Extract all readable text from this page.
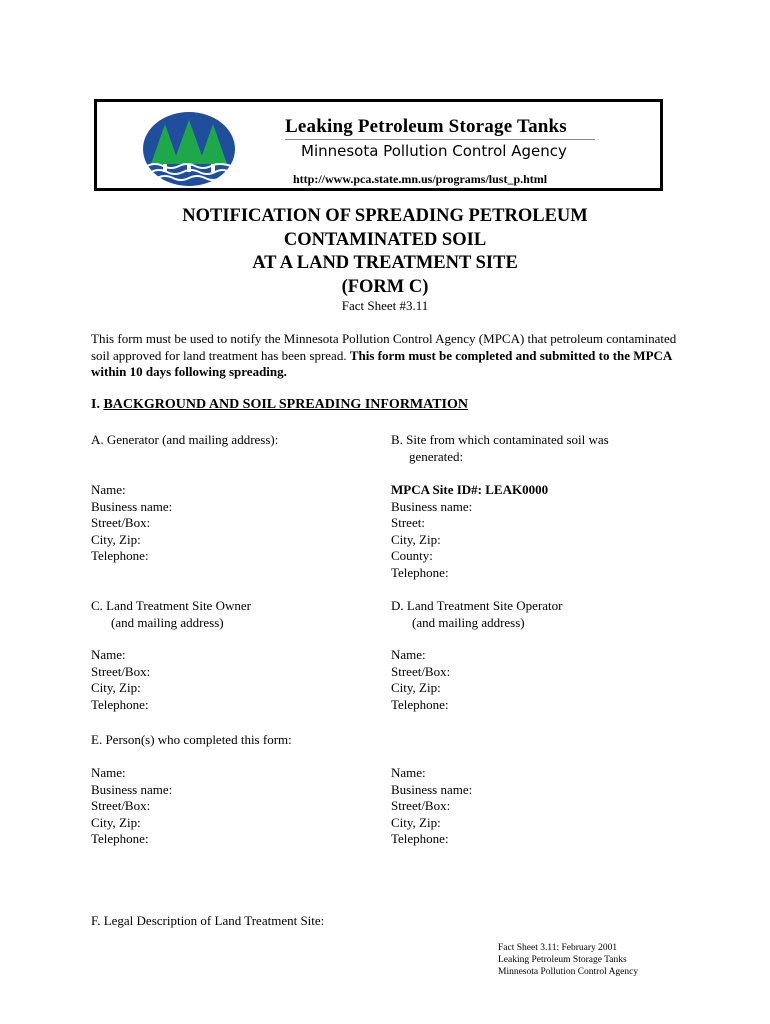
Leaking Petroleum Storage Tanks
Minnesota Pollution Control Agency
http://www.pca.state.mn.us/programs/lust_p.html
NOTIFICATION OF SPREADING PETROLEUM
CONTAMINATED SOIL
AT A LAND TREATMENT SITE
(FORM C)
Fact Sheet #3.11
This form must be used to notify the Minnesota Pollution Control Agency (MPCA) that petroleum contaminated soil approved for land treatment has been spread. This form must be completed and submitted to the MPCA within 10 days following spreading.
I. BACKGROUND AND SOIL SPREADING INFORMATION
A. Generator (and mailing address):
Name:
Business name:
Street/Box:
City, Zip:
Telephone:
B. Site from which contaminated soil was
generated:
MPCA Site ID#: LEAK0000
Business name:
Street:
City, Zip:
County:
Telephone:
C. Land Treatment Site Owner
(and mailing address)
Name:
Street/Box:
City, Zip:
Telephone:
D. Land Treatment Site Operator
(and mailing address)
Name:
Street/Box:
City, Zip:
Telephone:
E. Person(s) who completed this form:
Name:
Business name:
Street/Box:
City, Zip:
Telephone:
Name:
Business name:
Street/Box:
City, Zip:
Telephone:
F. Legal Description of Land Treatment Site:
Fact Sheet 3.11: February 2001
Leaking Petroleum Storage Tanks
Minnesota Pollution Control Agency
